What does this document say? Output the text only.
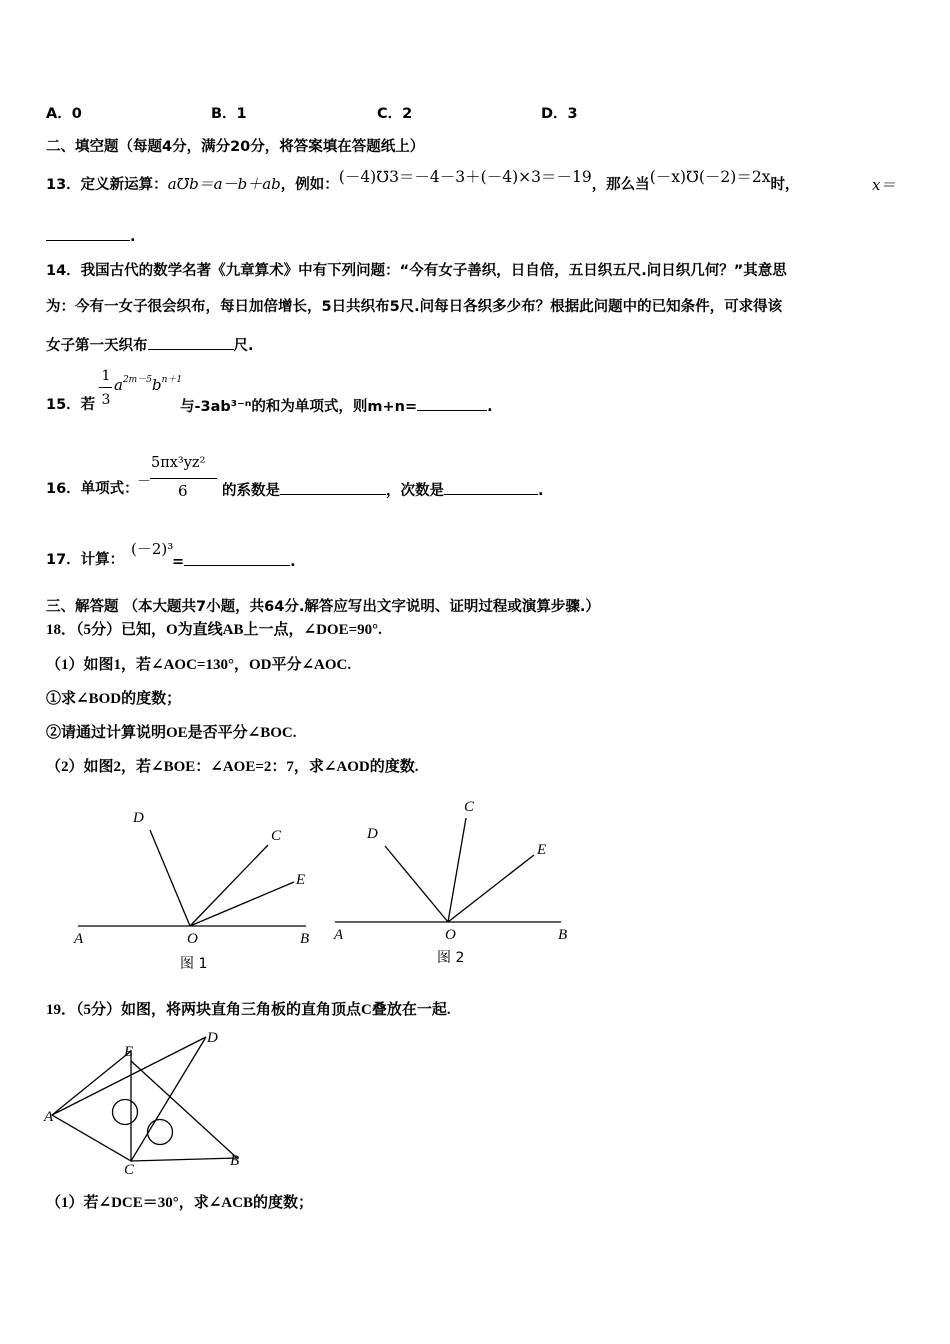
A．0	B．1	C．2	D．3
二、填空题（每题4分，满分20分，将答案填在答题纸上）
13．定义新运算：a℧b＝a－b＋ab，例如：(－4)℧3＝－4－3＋(－4)×3＝－19，那么当(－x)℧(－2)＝2x时，	x＝
.
14．我国古代的数学名著《九章算术》中有下列问题：“今有女子善织，日自倍，五日织五尺.问日织几何？”其意思
为：今有一女子很会织布，每日加倍增长，5日共织布5尺.问每日各织多少布？根据此问题中的已知条件，可求得该
女子第一天织布	尺.
15．若
1
3
$a^{2m-5}b^{n+1}$
与-3ab³⁻ⁿ的和为单项式，则m+n=	.
16．单项式：
－
5πx³yz²
6 的系数是	，次数是	.
17．计算：
(－2)³
=	.
三、解答题 （本大题共7小题，共64分.解答应写出文字说明、证明过程或演算步骤.）
18．（5分）已知，O为直线AB上一点，∠DOE=90°.
（1）如图1，若∠AOC=130°，OD平分∠AOC.
①求∠BOD的度数；
②请通过计算说明OE是否平分∠BOC.
（2）如图2，若∠BOE：∠AOE=2：7，求∠AOD的度数.
A	O	B
D
C
E
图 1
A	O	B
D
C
E
图 2
19．（5分）如图，将两块直角三角板的直角顶点C叠放在一起.
E
D
A
C
B
（1）若∠DCE＝30°，求∠ACB的度数；
